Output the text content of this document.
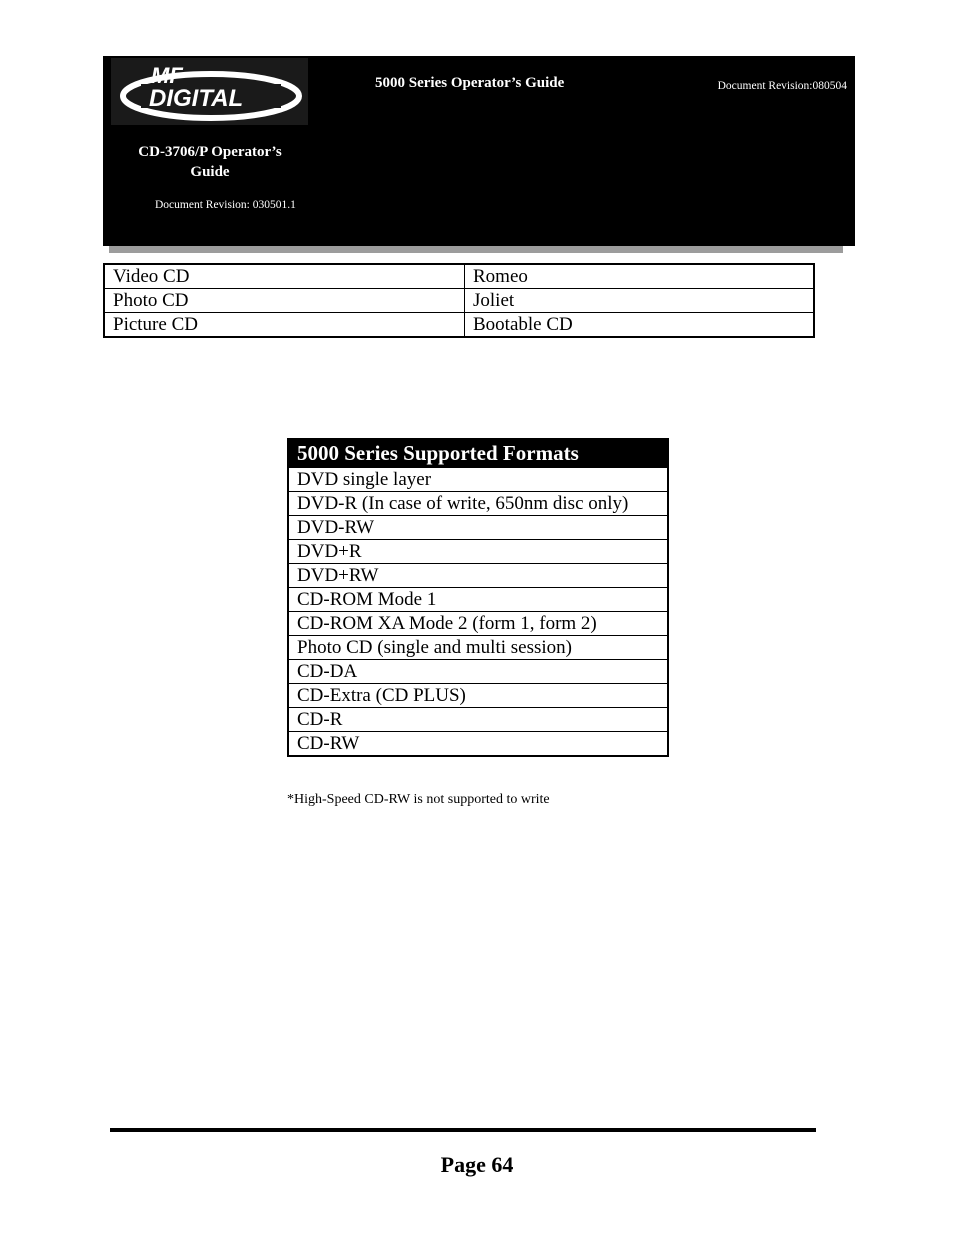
MF
DIGITAL
5000 Series Operator’s Guide	Document Revision:080504
CD-3706/P Operator’s
Guide
Document Revision: 030501.1
Video CD	Romeo
Photo CD	Joliet
Picture CD	Bootable CD
5000 Series Supported Formats
DVD single layer
DVD-R (In case of write, 650nm disc only)
DVD-RW
DVD+R
DVD+RW
CD-ROM Mode 1
CD-ROM XA Mode 2 (form 1, form 2)
Photo CD (single and multi session)
CD-DA
CD-Extra (CD PLUS)
CD-R
CD-RW
*High-Speed CD-RW is not supported to write
Page 64
